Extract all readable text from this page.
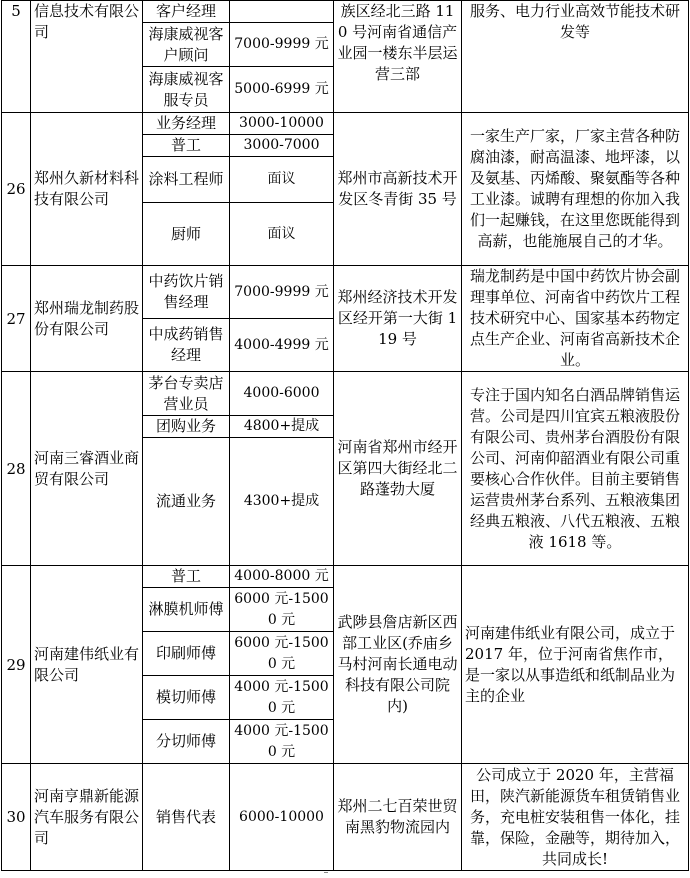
5	信息技术有限公司	客户经理		族区经北三路 110 号河南省通信产业园一楼东半层运营三部	服务、电力行业高效节能技术研发等
		海康威视客户顾问	7000-9999 元		
		海康威视客服专员	5000-6999 元		
26	郑州久新材料科技有限公司	业务经理	3000-10000	郑州市高新技术开发区冬青街 35 号	一家生产厂家，厂家主营各种防腐油漆，耐高温漆、地坪漆，以及氨基、丙烯酸、聚氨酯等各种工业漆。诚聘有理想的你加入我们一起赚钱，在这里您既能得到高薪，也能施展自己的才华。
		普工	3000-7000		
		涂料工程师	面议		
		厨师	面议		
27	郑州瑞龙制药股份有限公司	中药饮片销售经理	7000-9999 元	郑州经济技术开发区经开第一大街 119 号	瑞龙制药是中国中药饮片协会副理事单位、河南省中药饮片工程技术研究中心、国家基本药物定点生产企业、河南省高新技术企业。
		中成药销售经理	4000-4999 元		
28	河南三睿酒业商贸有限公司	茅台专卖店营业员	4000-6000	河南省郑州市经开区第四大街经北二路蓬勃大厦	专注于国内知名白酒品牌销售运营。公司是四川宜宾五粮液股份有限公司、贵州茅台酒股份有限公司、河南仰韶酒业有限公司重要核心合作伙伴。目前主要销售运营贵州茅台系列、五粮液集团经典五粮液、八代五粮液、五粮液 1618 等。
		团购业务	4800+提成		
		流通业务	4300+提成		
29	河南建伟纸业有限公司	普工	4000-8000 元	武陟县詹店新区西部工业区(乔庙乡马村河南长通电动科技有限公司院内)	河南建伟纸业有限公司，成立于 2017 年，位于河南省焦作市，是一家以从事造纸和纸制品业为主的企业
		淋膜机师傅	6000 元-15000 元		
		印刷师傅	6000 元-15000 元		
		模切师傅	4000 元-15000 元		
		分切师傅	4000 元-15000 元		
30	河南亨鼎新能源汽车服务有限公司	销售代表	6000-10000	郑州二七百荣世贸南黑豹物流园内	公司成立于 2020 年，主营福田，陕汽新能源货车租赁销售业务，充电桩安装租售一体化，挂靠，保险，金融等，期待加入，共同成长!
